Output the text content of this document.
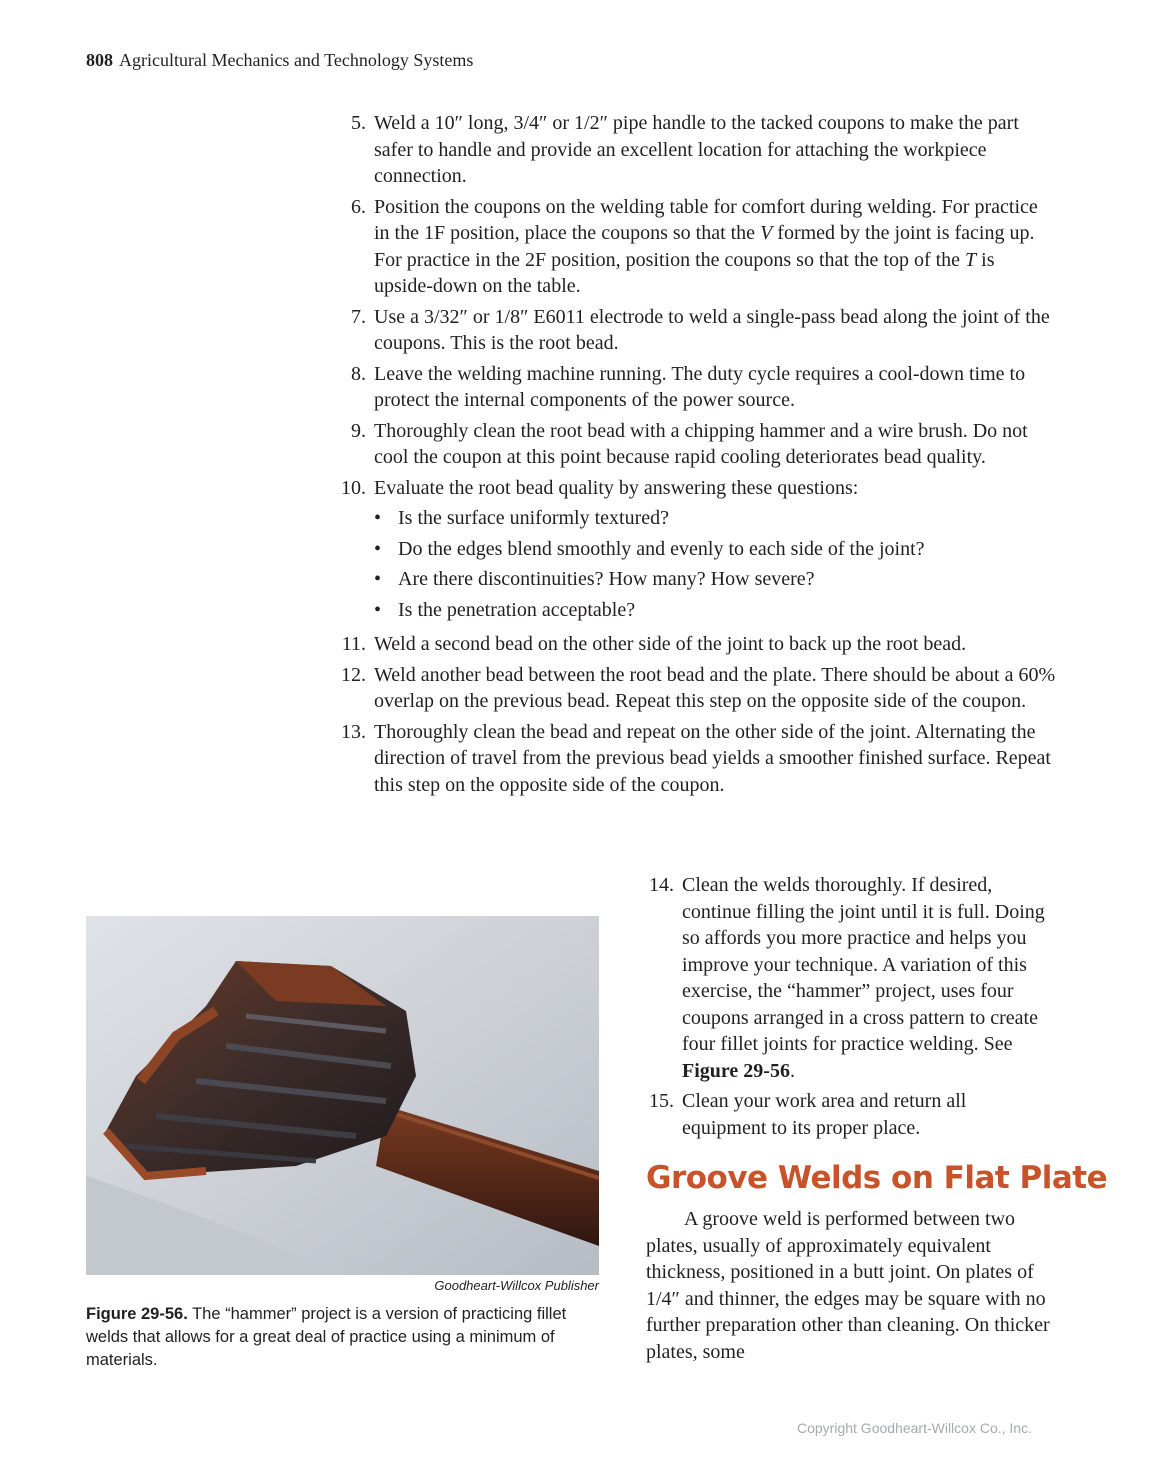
808 Agricultural Mechanics and Technology Systems
5. Weld a 10″ long, 3/4″ or 1/2″ pipe handle to the tacked coupons to make the part safer to handle and provide an excellent location for attaching the workpiece connection.
6. Position the coupons on the welding table for comfort during welding. For practice in the 1F position, place the coupons so that the V formed by the joint is facing up. For practice in the 2F position, position the coupons so that the top of the T is upside-down on the table.
7. Use a 3/32″ or 1/8″ E6011 electrode to weld a single-pass bead along the joint of the coupons. This is the root bead.
8. Leave the welding machine running. The duty cycle requires a cool-down time to protect the internal components of the power source.
9. Thoroughly clean the root bead with a chipping hammer and a wire brush. Do not cool the coupon at this point because rapid cooling deteriorates bead quality.
10. Evaluate the root bead quality by answering these questions:
• Is the surface uniformly textured?
• Do the edges blend smoothly and evenly to each side of the joint?
• Are there discontinuities? How many? How severe?
• Is the penetration acceptable?
11. Weld a second bead on the other side of the joint to back up the root bead.
12. Weld another bead between the root bead and the plate. There should be about a 60% overlap on the previous bead. Repeat this step on the opposite side of the coupon.
13. Thoroughly clean the bead and repeat on the other side of the joint. Alternating the direction of travel from the previous bead yields a smoother finished surface. Repeat this step on the opposite side of the coupon.
14. Clean the welds thoroughly. If desired, continue filling the joint until it is full. Doing so affords you more practice and helps you improve your technique. A variation of this exercise, the “hammer” project, uses four coupons arranged in a cross pattern to create four fillet joints for practice welding. See Figure 29-56.
15. Clean your work area and return all equipment to its proper place.
Goodheart-Willcox Publisher
Figure 29-56. The “hammer” project is a version of practicing fillet welds that allows for a great deal of practice using a minimum of materials.
Groove Welds on Flat Plate
A groove weld is performed between two plates, usually of approximately equivalent thickness, positioned in a butt joint. On plates of 1/4″ and thinner, the edges may be square with no further preparation other than cleaning. On thicker plates, some
Copyright Goodheart-Willcox Co., Inc.
